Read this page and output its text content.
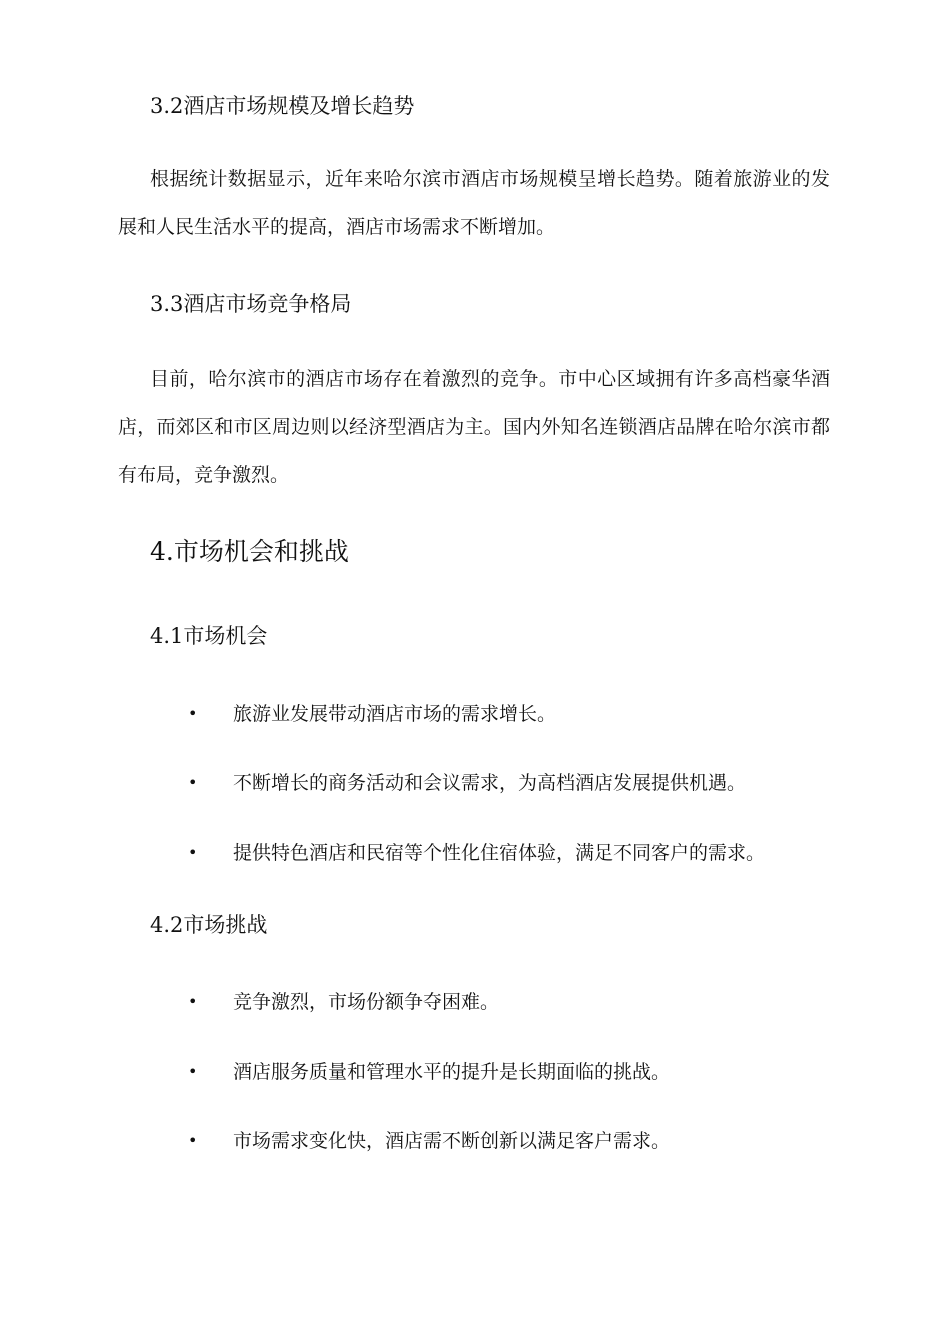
3.2酒店市场规模及增长趋势
根据统计数据显示，近年来哈尔滨市酒店市场规模呈增长趋势。随着旅游业的发展和人民生活水平的提高，酒店市场需求不断增加。
3.3酒店市场竞争格局
目前，哈尔滨市的酒店市场存在着激烈的竞争。市中心区域拥有许多高档豪华酒店，而郊区和市区周边则以经济型酒店为主。国内外知名连锁酒店品牌在哈尔滨市都有布局，竞争激烈。
4.市场机会和挑战
4.1市场机会
• 旅游业发展带动酒店市场的需求增长。
• 不断增长的商务活动和会议需求，为高档酒店发展提供机遇。
• 提供特色酒店和民宿等个性化住宿体验，满足不同客户的需求。
4.2市场挑战
• 竞争激烈，市场份额争夺困难。
• 酒店服务质量和管理水平的提升是长期面临的挑战。
• 市场需求变化快，酒店需不断创新以满足客户需求。
